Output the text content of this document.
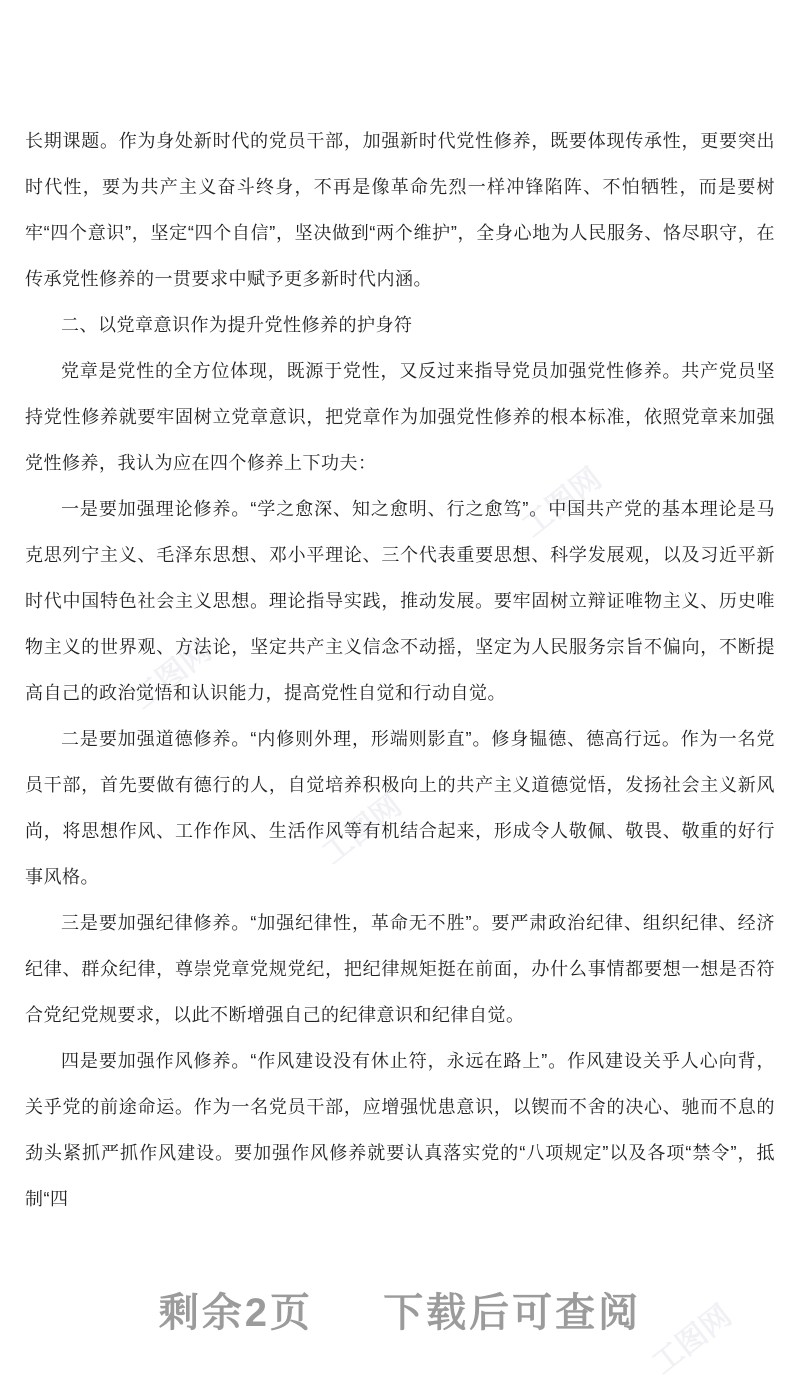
工图网
工图网
工图网
工图网

长期课题。作为身处新时代的党员干部，加强新时代党性修养，既要体现传承性，更要突出时代性，要为共产主义奋斗终身，不再是像革命先烈一样冲锋陷阵、不怕牺牲，而是要树牢“四个意识”，坚定“四个自信”，坚决做到“两个维护”，全身心地为人民服务、恪尽职守，在传承党性修养的一贯要求中赋予更多新时代内涵。

二、以党章意识作为提升党性修养的护身符

党章是党性的全方位体现，既源于党性，又反过来指导党员加强党性修养。共产党员坚持党性修养就要牢固树立党章意识，把党章作为加强党性修养的根本标准，依照党章来加强党性修养，我认为应在四个修养上下功夫：

一是要加强理论修养。“学之愈深、知之愈明、行之愈笃”。中国共产党的基本理论是马克思列宁主义、毛泽东思想、邓小平理论、三个代表重要思想、科学发展观，以及习近平新时代中国特色社会主义思想。理论指导实践，推动发展。要牢固树立辩证唯物主义、历史唯物主义的世界观、方法论，坚定共产主义信念不动摇，坚定为人民服务宗旨不偏向，不断提高自己的政治觉悟和认识能力，提高党性自觉和行动自觉。

二是要加强道德修养。“内修则外理，形端则影直”。修身韫德、德高行远。作为一名党员干部，首先要做有德行的人，自觉培养积极向上的共产主义道德觉悟，发扬社会主义新风尚，将思想作风、工作作风、生活作风等有机结合起来，形成令人敬佩、敬畏、敬重的好行事风格。

三是要加强纪律修养。“加强纪律性，革命无不胜”。要严肃政治纪律、组织纪律、经济纪律、群众纪律，尊崇党章党规党纪，把纪律规矩挺在前面，办什么事情都要想一想是否符合党纪党规要求，以此不断增强自己的纪律意识和纪律自觉。

四是要加强作风修养。“作风建设没有休止符，永远在路上”。作风建设关乎人心向背，关乎党的前途命运。作为一名党员干部，应增强忧患意识，以锲而不舍的决心、驰而不息的劲头紧抓严抓作风建设。要加强作风修养就要认真落实党的“八项规定”以及各项“禁令”，抵制“四

剩余2页 下载后可查阅
